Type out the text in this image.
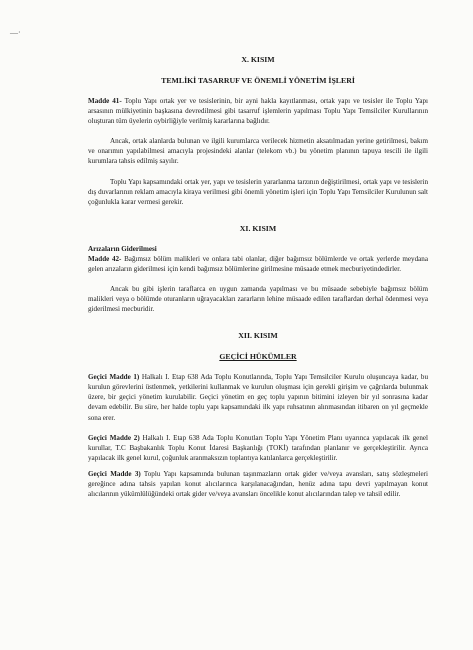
—·

X. KISIM

TEMLİKİ TASARRUF VE ÖNEMLİ YÖNETİM İŞLERİ

Madde 41- Toplu Yapı ortak yer ve tesislerinin, bir ayni hakla kayıtlanması, ortak yapı ve tesisler ile Toplu Yapı arsasının mülkiyetinin başkasına devredilmesi gibi tasarruf işlemlerin yapılması Toplu Yapı Temsilciler Kurullarının oluşturan tüm üyelerin oybirliğiyle verilmiş kararlarına bağlıdır.

Ancak, ortak alanlarda bulunan ve ilgili kurumlarca verilecek hizmetin aksatılmadan yerine getirilmesi, bakım ve onarımın yapılabilmesi amacıyla projesindeki alanlar (telekom vb.) bu yönetim planının tapuya tescili ile ilgili kurumlara tahsis edilmiş sayılır.

Toplu Yapı kapsamındaki ortak yer, yapı ve tesislerin yararlanma tarzının değiştirilmesi, ortak yapı ve tesislerin dış duvarlarının reklam amacıyla kiraya verilmesi gibi önemli yönetim işleri için Toplu Yapı Temsilciler Kurulunun salt çoğunlukla karar vermesi gerekir.

XI. KISIM

Arızaların Giderilmesi

Madde 42- Bağımsız bölüm malikleri ve onlara tabi olanlar, diğer bağımsız bölümlerde ve ortak yerlerde meydana gelen arızaların giderilmesi için kendi bağımsız bölümlerine girilmesine müsaade etmek mecburiyetindedirler.

Ancak bu gibi işlerin taraflarca en uygun zamanda yapılması ve bu müsaade sebebiyle bağımsız bölüm malikleri veya o bölümde oturanların uğrayacakları zararların lehine müsaade edilen taraflardan derhal ödenmesi veya giderilmesi mecburidir.

XII. KISIM

GEÇİCİ HÜKÜMLER

Geçici Madde 1) Halkalı I. Etap 638 Ada Toplu Konutlarında, Toplu Yapı Temsilciler Kurulu oluşuncaya kadar, bu kurulun görevlerini üstlenmek, yetkilerini kullanmak ve kurulun oluşması için gerekli girişim ve çağrılarda bulunmak üzere, bir geçici yönetim kurulabilir. Geçici yönetim en geç toplu yapının bitimini izleyen bir yıl sonrasına kadar devam edebilir. Bu süre, her halde toplu yapı kapsamındaki ilk yapı ruhsatının alınmasından itibaren on yıl geçmekle sona erer.

Geçici Madde 2) Halkalı I. Etap 638 Ada Toplu Konutları Toplu Yapı Yönetim Planı uyarınca yapılacak ilk genel kurullar, T.C Başbakanlık Toplu Konut İdaresi Başkanlığı (TOKİ) tarafından planlanır ve gerçekleştirilir. Ayrıca yapılacak ilk genel kurul, çoğunluk aranmaksızın toplantıya katılanlarca gerçekleştirilir.

Geçici Madde 3) Toplu Yapı kapsamında bulunan taşınmazların ortak gider ve/veya avansları, satış sözleşmeleri gereğince adına tahsis yapılan konut alıcılarınca karşılanacağından, henüz adına tapu devri yapılmayan konut alıcılarının yükümlülüğündeki ortak gider ve/veya avansları öncelikle konut alıcılarından talep ve tahsil edilir.
